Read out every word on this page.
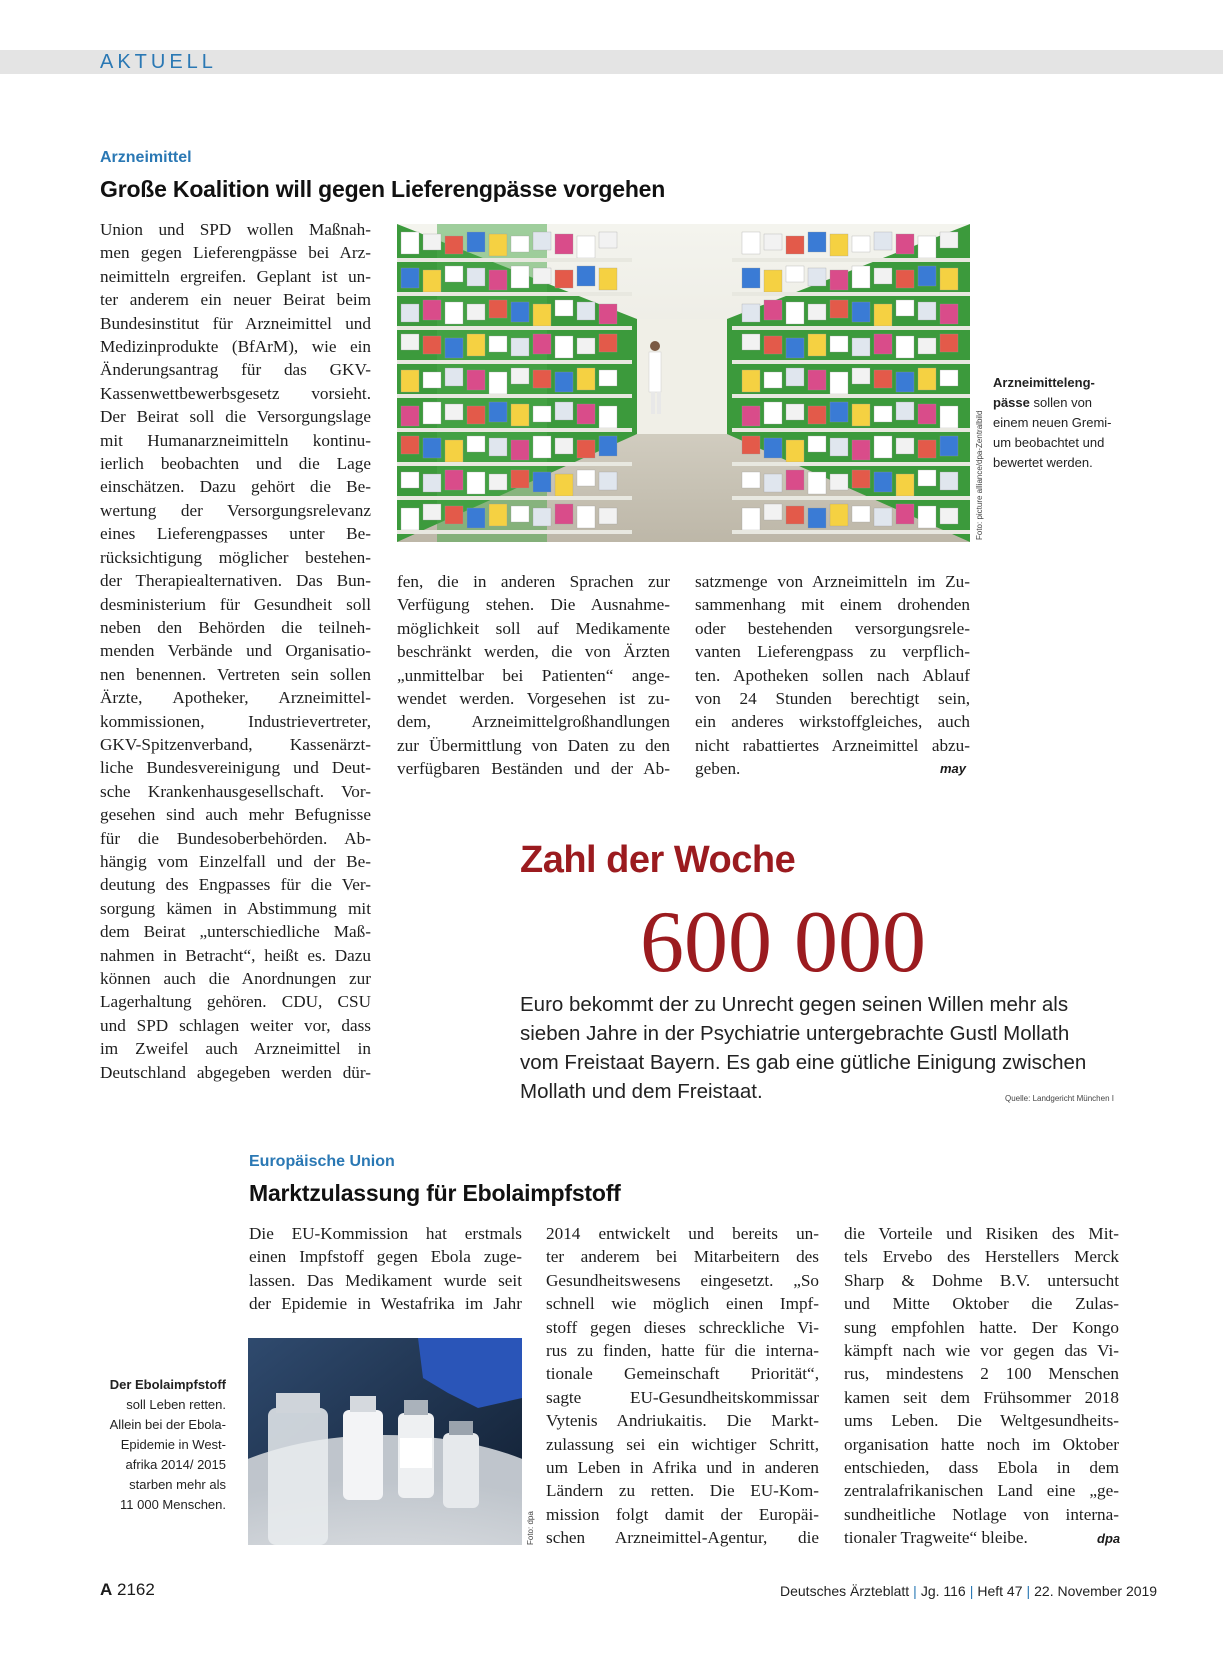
AKTUELL
Arzneimittel
Große Koalition will gegen Lieferengpässe vorgehen
Union und SPD wollen Maßnah-
men gegen Lieferengpässe bei Arz-
neimitteln ergreifen. Geplant ist un-
ter anderem ein neuer Beirat beim
Bundesinstitut für Arzneimittel und
Medizinprodukte (BfArM), wie ein
Änderungsantrag für das GKV-
Kassenwettbewerbsgesetz vorsieht.
Der Beirat soll die Versorgungslage
mit Humanarzneimitteln kontinu-
ierlich beobachten und die Lage
einschätzen. Dazu gehört die Be-
wertung der Versorgungsrelevanz
eines Lieferengpasses unter Be-
rücksichtigung möglicher bestehen-
der Therapiealternativen. Das Bun-
desministerium für Gesundheit soll
neben den Behörden die teilneh-
menden Verbände und Organisatio-
nen benennen. Vertreten sein sollen
Ärzte, Apotheker, Arzneimittel-
kommissionen, Industrievertreter,
GKV-Spitzenverband, Kassenärzt-
liche Bundesvereinigung und Deut-
sche Krankenhausgesellschaft. Vor-
gesehen sind auch mehr Befugnisse
für die Bundesoberbehörden. Ab-
hängig vom Einzelfall und der Be-
deutung des Engpasses für die Ver-
sorgung kämen in Abstimmung mit
dem Beirat „unterschiedliche Maß-
nahmen in Betracht“, heißt es. Dazu
können auch die Anordnungen zur
Lagerhaltung gehören. CDU, CSU
und SPD schlagen weiter vor, dass
im Zweifel auch Arzneimittel in
Deutschland abgegeben werden dür-
Foto: picture alliance/dpa-Zentralbild
Arzneimitteleng-
pässe sollen von
einem neuen Gremi-
um beobachtet und
bewertet werden.
fen, die in anderen Sprachen zur
Verfügung stehen. Die Ausnahme-
möglichkeit soll auf Medikamente
beschränkt werden, die von Ärzten
„unmittelbar bei Patienten“ ange-
wendet werden. Vorgesehen ist zu-
dem, Arzneimittelgroßhandlungen
zur Übermittlung von Daten zu den
verfügbaren Beständen und der Ab-
satzmenge von Arzneimitteln im Zu-
sammenhang mit einem drohenden
oder bestehenden versorgungsrele-
vanten Lieferengpass zu verpflich-
ten. Apotheken sollen nach Ablauf
von 24 Stunden berechtigt sein,
ein anderes wirkstoffgleiches, auch
nicht rabattiertes Arzneimittel abzu-
geben.	may
Zahl der Woche
600 000
Euro bekommt der zu Unrecht gegen seinen Willen mehr als
sieben Jahre in der Psychiatrie untergebrachte Gustl Mollath
vom Freistaat Bayern. Es gab eine gütliche Einigung zwischen
Mollath und dem Freistaat.	Quelle: Landgericht München I
Europäische Union
Marktzulassung für Ebolaimpfstoff
Die EU-Kommission hat erstmals
einen Impfstoff gegen Ebola zuge-
lassen. Das Medikament wurde seit
der Epidemie in Westafrika im Jahr
Foto: dpa
Der Ebolaimpfstoff

soll Leben retten.
Allein bei der Ebola-
Epidemie in West-
afrika 2014/ 2015
starben mehr als
11 000 Menschen.
2014 entwickelt und bereits un-
ter anderem bei Mitarbeitern des
Gesundheitswesens eingesetzt. „So
schnell wie möglich einen Impf-
stoff gegen dieses schreckliche Vi-
rus zu finden, hatte für die interna-
tionale Gemeinschaft Priorität“,
sagte EU-Gesundheitskommissar
Vytenis Andriukaitis. Die Markt-
zulassung sei ein wichtiger Schritt,
um Leben in Afrika und in anderen
Ländern zu retten. Die EU-Kom-
mission folgt damit der Europäi-
schen Arzneimittel-Agentur, die
die Vorteile und Risiken des Mit-
tels Ervebo des Herstellers Merck
Sharp & Dohme B.V. untersucht
und Mitte Oktober die Zulas-
sung empfohlen hatte. Der Kongo
kämpft nach wie vor gegen das Vi-
rus, mindestens 2 100 Menschen
kamen seit dem Frühsommer 2018
ums Leben. Die Weltgesundheits-
organisation hatte noch im Oktober
entschieden, dass Ebola in dem
zentralafrikanischen Land eine „ge-
sundheitliche Notlage von interna-
tionaler Tragweite“ bleibe.	dpa
A 2162	Deutsches Ärzteblatt | Jg. 116 | Heft 47 | 22. November 2019
